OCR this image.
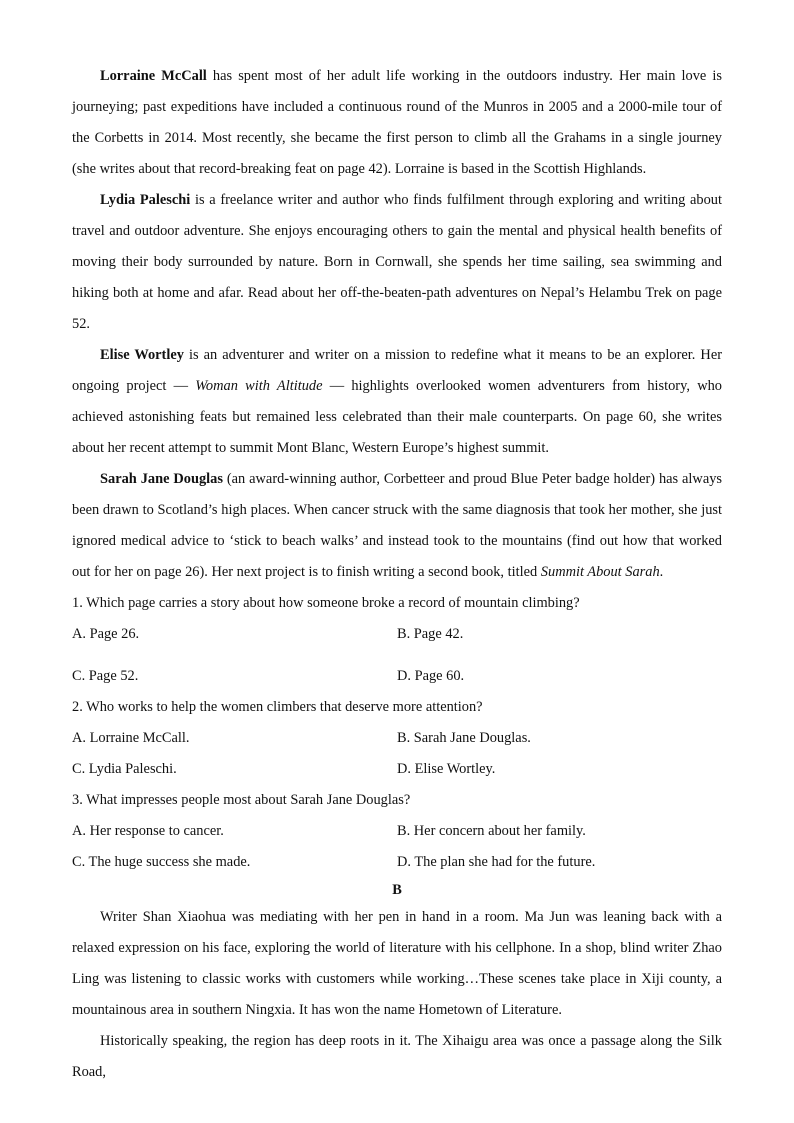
Lorraine McCall has spent most of her adult life working in the outdoors industry. Her main love is journeying; past expeditions have included a continuous round of the Munros in 2005 and a 2000-mile tour of the Corbetts in 2014. Most recently, she became the first person to climb all the Grahams in a single journey (she writes about that record-breaking feat on page 42). Lorraine is based in the Scottish Highlands.

Lydia Paleschi is a freelance writer and author who finds fulfilment through exploring and writing about travel and outdoor adventure. She enjoys encouraging others to gain the mental and physical health benefits of moving their body surrounded by nature. Born in Cornwall, she spends her time sailing, sea swimming and hiking both at home and afar. Read about her off-the-beaten-path adventures on Nepal’s Helambu Trek on page 52.

Elise Wortley is an adventurer and writer on a mission to redefine what it means to be an explorer. Her ongoing project — Woman with Altitude — highlights overlooked women adventurers from history, who achieved astonishing feats but remained less celebrated than their male counterparts. On page 60, she writes about her recent attempt to summit Mont Blanc, Western Europe’s highest summit.

Sarah Jane Douglas (an award-winning author, Corbetteer and proud Blue Peter badge holder) has always been drawn to Scotland’s high places. When cancer struck with the same diagnosis that took her mother, she just ignored medical advice to ‘stick to beach walks’ and instead took to the mountains (find out how that worked out for her on page 26). Her next project is to finish writing a second book, titled Summit About Sarah.

1. Which page carries a story about how someone broke a record of mountain climbing?
A. Page 26.	B. Page 42.
C. Page 52.	D. Page 60.
2. Who works to help the women climbers that deserve more attention?
A. Lorraine McCall.	B. Sarah Jane Douglas.
C. Lydia Paleschi.	D. Elise Wortley.
3. What impresses people most about Sarah Jane Douglas?
A. Her response to cancer.	B. Her concern about her family.
C. The huge success she made.	D. The plan she had for the future.
B

Writer Shan Xiaohua was mediating with her pen in hand in a room. Ma Jun was leaning back with a relaxed expression on his face, exploring the world of literature with his cellphone. In a shop, blind writer Zhao Ling was listening to classic works with customers while working…These scenes take place in Xiji county, a mountainous area in southern Ningxia. It has won the name Hometown of Literature.

Historically speaking, the region has deep roots in it. The Xihaigu area was once a passage along the Silk Road,
